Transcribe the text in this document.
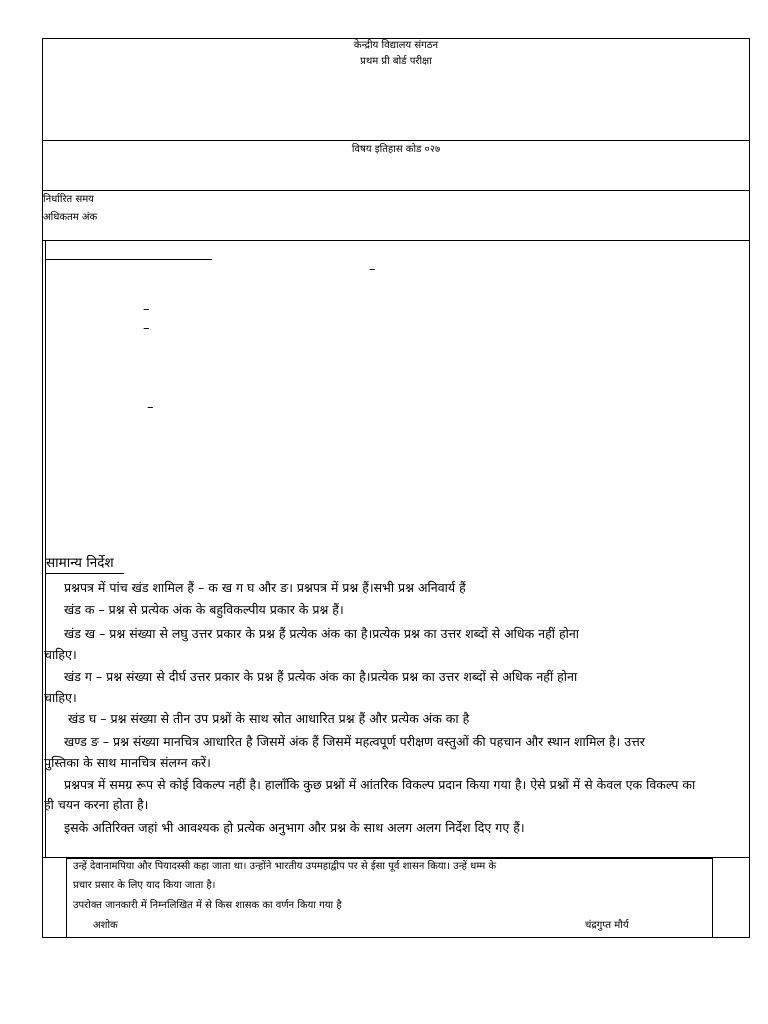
केन्द्रीय विद्यालय संगठन
प्रथम प्री बोर्ड परीक्षा
विषय इतिहास कोड ०२७
निर्धारित समय
अधिकतम अंक
–
–
–
–
सामान्य निर्देश
प्रश्नपत्र में पांच खंड शामिल हैं – क ख ग घ और ङ। प्रश्नपत्र में प्रश्न हैं।सभी प्रश्न अनिवार्य हैं
खंड क – प्रश्न से प्रत्येक अंक के बहुविकल्पीय प्रकार के प्रश्न हैं।
खंड ख – प्रश्न संख्या से लघु उत्तर प्रकार के प्रश्न हैं प्रत्येक अंक का है।प्रत्येक प्रश्न का उत्तर शब्दों से अधिक नहीं होना
चाहिए।
खंड ग – प्रश्न संख्या से दीर्घ उत्तर प्रकार के प्रश्न हैं प्रत्येक अंक का है।प्रत्येक प्रश्न का उत्तर शब्दों से अधिक नहीं होना
चाहिए।
खंड घ – प्रश्न संख्या से तीन उप प्रश्नों के साथ स्रोत आधारित प्रश्न हैं और प्रत्येक अंक का है
खण्ड ङ – प्रश्न संख्या मानचित्र आधारित है जिसमें अंक हैं जिसमें महत्वपूर्ण परीक्षण वस्तुओं की पहचान और स्थान शामिल है। उत्तर
पुस्तिका के साथ मानचित्र संलग्न करें।
प्रश्नपत्र में समग्र रूप से कोई विकल्प नहीं है। हालाँकि कुछ प्रश्नों में आंतरिक विकल्प प्रदान किया गया है। ऐसे प्रश्नों में से केवल एक विकल्प का
ही चयन करना होता है।
इसके अतिरिक्त जहां भी आवश्यक हो प्रत्येक अनुभाग और प्रश्न के साथ अलग अलग निर्देश दिए गए हैं।
उन्हें देवानामपिया और पियादस्सी कहा जाता था। उन्होंने भारतीय उपमहाद्वीप पर से ईसा पूर्व शासन किया। उन्हें धम्म के
प्रचार प्रसार के लिए याद किया जाता है।
उपरोक्त जानकारी में निम्नलिखित में से किस शासक का वर्णन किया गया है
अशोक	चंद्रगुप्त मौर्य
